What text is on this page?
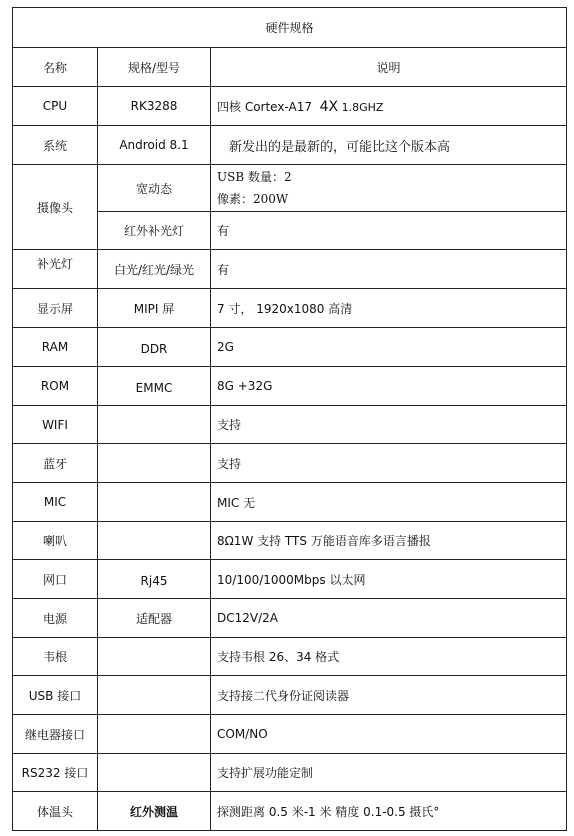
硬件规格		
名称	规格/型号	说明
CPU	RK3288	四核 Cortex-A17 4X 1.8GHZ
系统	Android 8.1	新发出的是最新的，可能比这个版本高
摄像头	宽动态	USB 数量：2
像素：200W

	红外补光灯	有
补光灯	白光/红光/绿光	有
显示屏	MIPI 屏	7 寸， 1920x1080 高清
RAM	DDR	2G
ROM	EMMC	8G +32G
WIFI		支持
蓝牙		支持
MIC		MIC 无
喇叭		8Ω1W 支持 TTS 万能语音库多语言播报
网口	Rj45	10/100/1000Mbps 以太网
电源	适配器	DC12V/2A
韦根		支持韦根 26、34 格式
USB 接口		支持接二代身份证阅读器
继电器接口		COM/NO
RS232 接口		支持扩展功能定制
体温头	红外测温	探测距离 0.5 米-1 米 精度 0.1-0.5 摄氏°
